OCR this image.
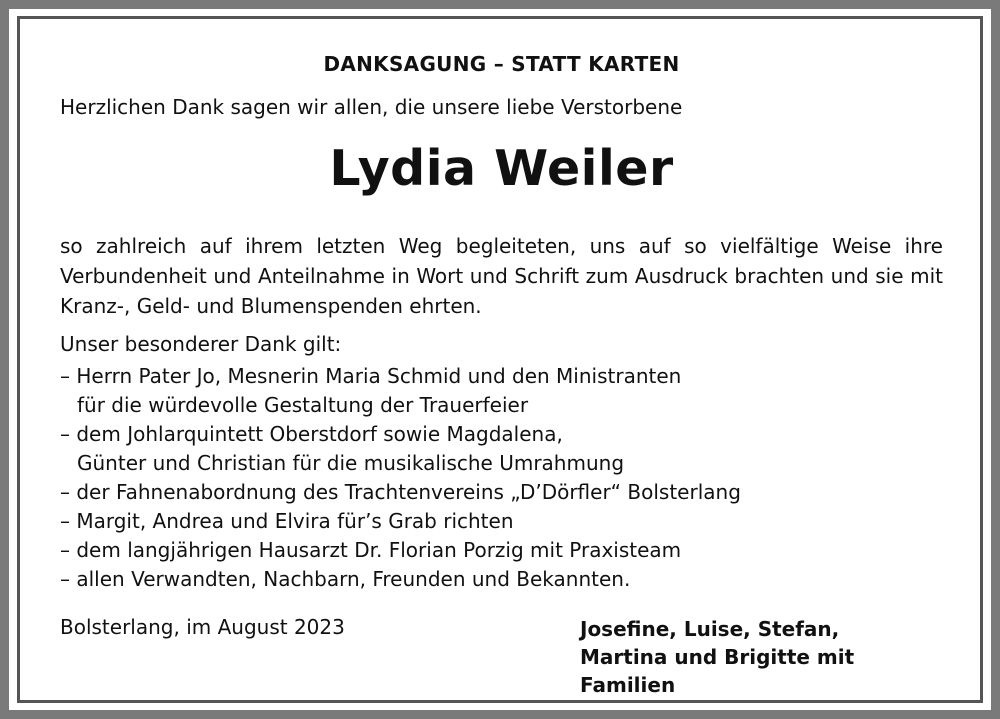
DANKSAGUNG – STATT KARTEN
Herzlichen Dank sagen wir allen, die unsere liebe Verstorbene
Lydia Weiler
so zahlreich auf ihrem letzten Weg begleiteten, uns auf so vielfältige Weise ihre Verbundenheit und Anteilnahme in Wort und Schrift zum Ausdruck brachten und sie mit Kranz-, Geld- und Blumenspenden ehrten.
Unser besonderer Dank gilt:
– Herrn Pater Jo, Mesnerin Maria Schmid und den Ministranten
für die würdevolle Gestaltung der Trauerfeier
– dem Johlarquintett Oberstdorf sowie Magdalena,
Günter und Christian für die musikalische Umrahmung
– der Fahnenabordnung des Trachtenvereins „D’Dörfler“ Bolsterlang
– Margit, Andrea und Elvira für’s Grab richten
– dem langjährigen Hausarzt Dr. Florian Porzig mit Praxisteam
– allen Verwandten, Nachbarn, Freunden und Bekannten.
Bolsterlang, im August 2023	Josefine, Luise, Stefan,
Martina und Brigitte mit Familien
